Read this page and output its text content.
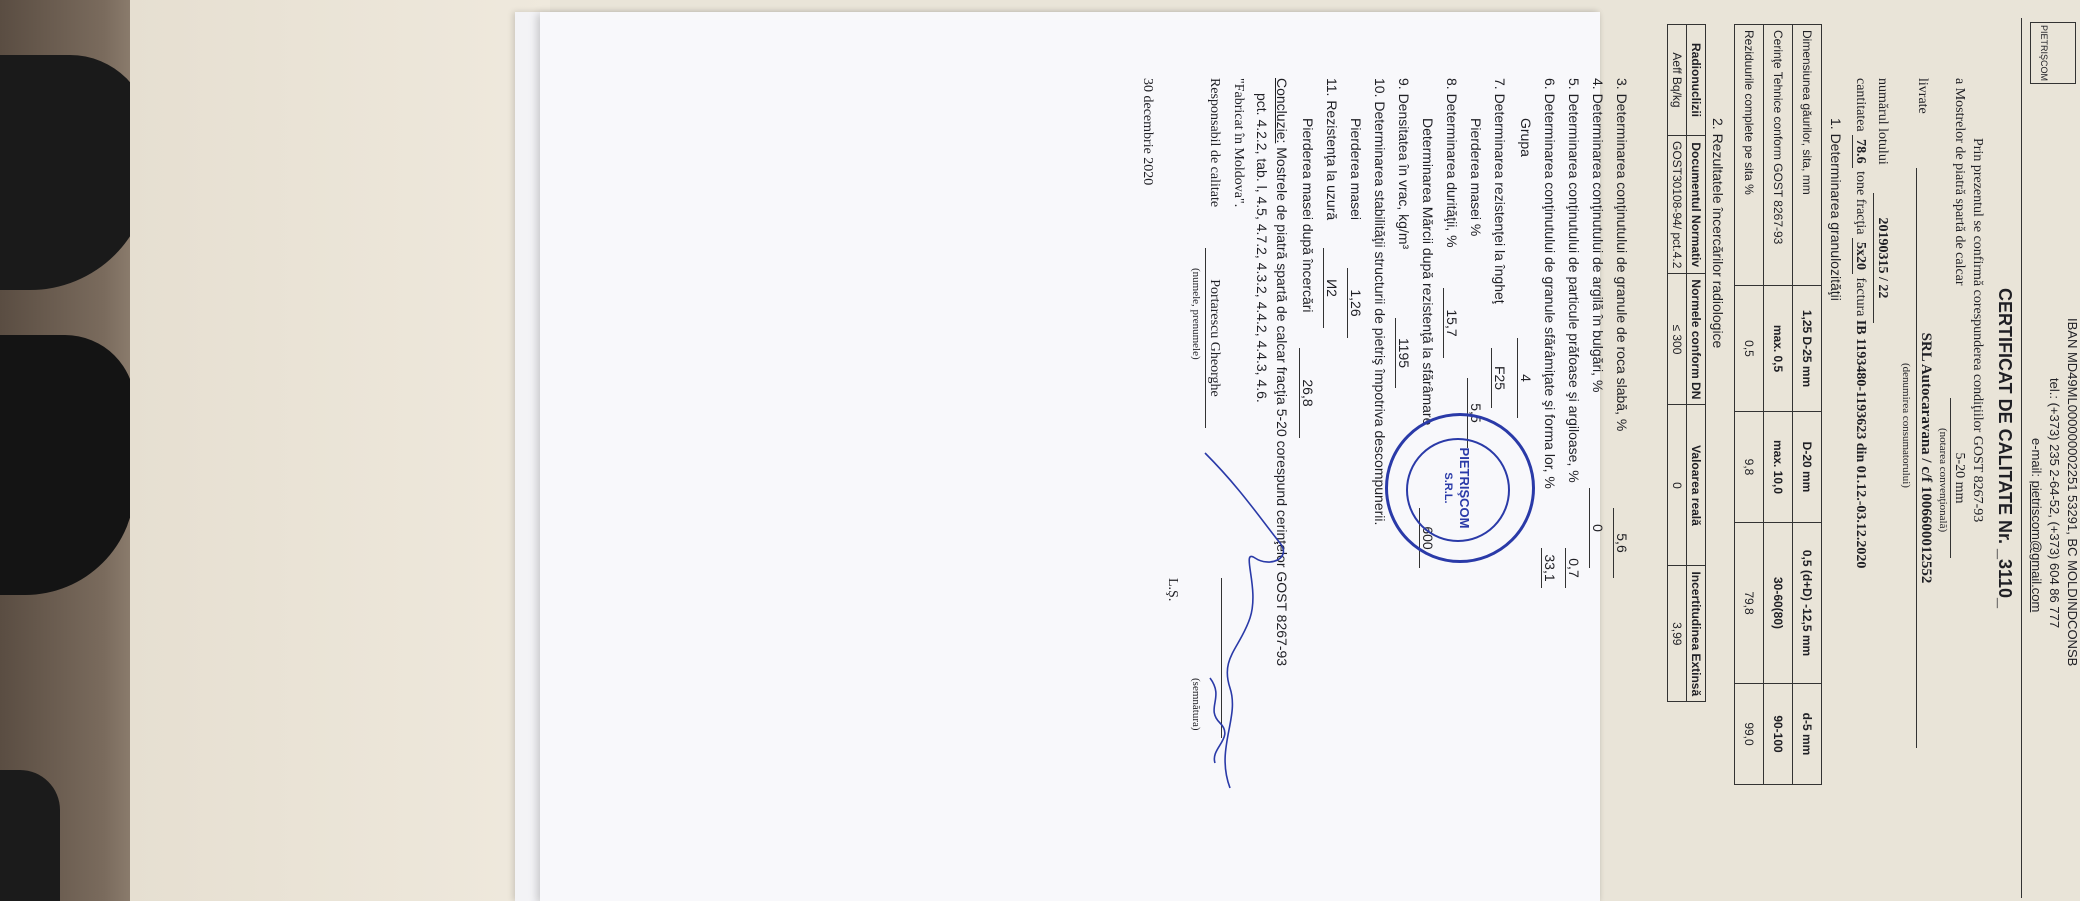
PIETRIŞCOM
IBAN MD49ML000000002251 53291, BC MOLDINDCONSB
tel.: (+373) 235 2-64-52, (+373) 604 86 777
e-mail: pietriscom@gmail.com
CERTIFICAT DE CALITATE Nr. _3110_
Prin prezentul se confirmă corespunderea condiţiilor GOST 8267-93
a Mostrelor de piatră spartă de calcar
5-20 mm
(notarea convenţională)
livrate
SRL Autocaravana / c/f 1006600012552
(denumirea consumatorului)
numărul lotului
20190315 / 22
cantitatea 78.6 tone fracţia 5x20 factura IB 1193480-1193623 din 01.12.-03.12.2020
1. Determinarea granulozităţii
Dimensiunea găurilor, sita, mm	1,25 D-25 mm	D-20 mm	0,5 (d+D) -12,5 mm	d-5 mm
Cerinţe Tehnice conform GOST 8267-93	max. 0,5	max. 10,0	30-60(80)	90-100
Reziduurile complete pe sita %	0,5	9,8	79,8	99,0
2. Rezultatele încercărilor radiologice
Radionuclizii	Documentul Normativ	Normele conform DN	Valoarea reală	Incertitudinea Extinsă
Aeff Bq/kg	GOST30108-94/ pct.4.2	≤ 300	0	3,99
3. Determinarea conţinutului de granule de roca slabă, %
5,6
4. Determinarea conţinutului de argilă în bulgări, %
0
5. Determinarea conţinutului de particule prăfoase şi argiloase, %
0,7
6. Determinarea conţinutului de granule sfărâmiţate şi forma lor, %
33,1
Grupa
4
7. Determinarea rezistenţei la îngheţ
F25
Pierderea masei %
5,5
8. Determinarea durităţii, %
15,7
Determinarea Mărcii după rezistenţă la sfărâmare
600
9. Densitatea în vrac, kg/m³
1195
10. Determinarea stabilităţii structurii de pietriş împotriva descompunerii.
Pierderea masei
1,26
11. Rezistenţa la uzură
И2
Pierderea masei după încercări
26,8
Concluzie: Mostrele de piatră spartă de calcar fracţia 5-20 corespund cerinţelor GOST 8267-93
pct. 4.2.2, tab. l, 4.5, 4.7.2, 4.3.2, 4.4.2, 4.4.3, 4.6.
"Fabricat în Moldova".
Responsabil de calitate
Portarescu Gheorghe
(numele, prenumele)
(semnătura)
L.Ş.
30 decembrie 2020
PIETRIŞCOM
S.R.L.
